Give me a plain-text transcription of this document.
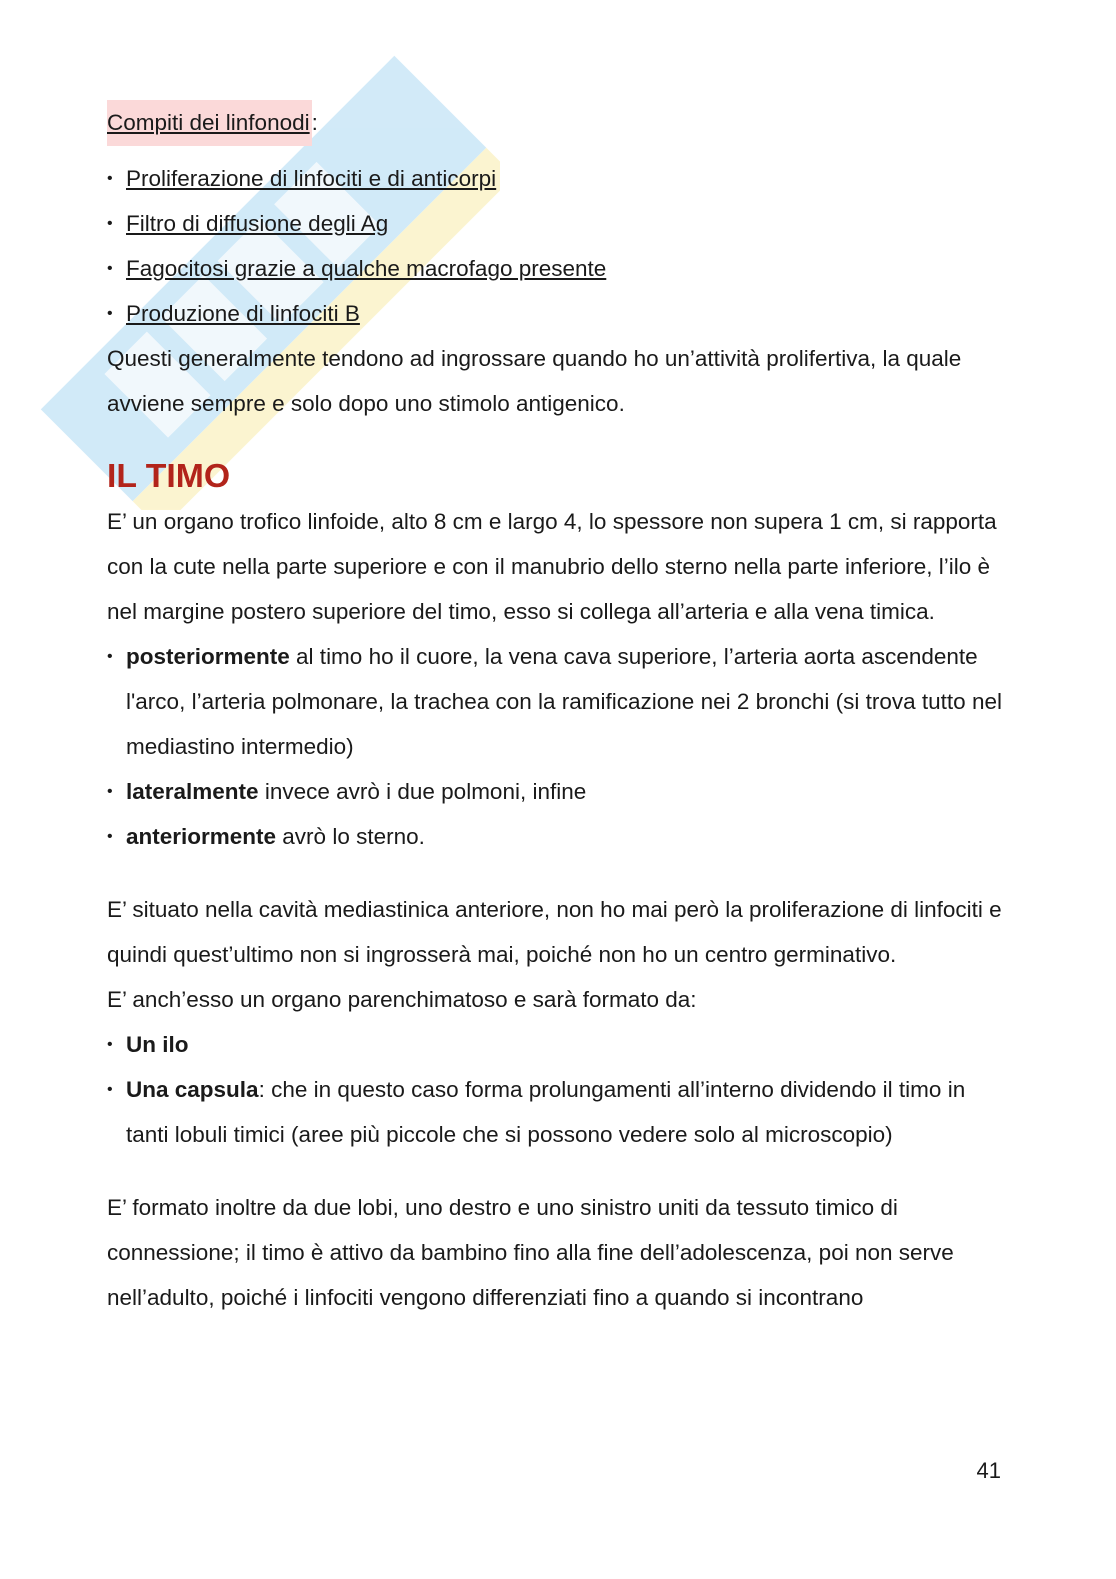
Compiti dei linfonodi:
• Proliferazione di linfociti e di anticorpi
• Filtro di diffusione degli Ag
• Fagocitosi grazie a qualche macrofago presente
• Produzione di linfociti B

Questi generalmente tendono ad ingrossare quando ho un’attività prolifertiva, la quale avviene sempre e solo dopo uno stimolo antigenico.

IL TIMO

E’ un organo trofico linfoide, alto 8 cm e largo 4, lo spessore non supera 1 cm, si rapporta con la cute nella parte superiore e con il manubrio dello sterno nella parte inferiore, l’ilo è nel margine postero superiore del timo, esso si collega all’arteria e alla vena timica.

• posteriormente al timo ho il cuore, la vena cava superiore, l’arteria aorta ascendente l'arco, l’arteria polmonare, la trachea con la ramificazione nei 2 bronchi (si trova tutto nel mediastino intermedio)
• lateralmente invece avrò i due polmoni, infine
• anteriormente avrò lo sterno.

E’ situato nella cavità mediastinica anteriore, non ho mai però la proliferazione di linfociti e quindi quest’ultimo non si ingrosserà mai, poiché non ho un centro germinativo.

E’ anch’esso un organo parenchimatoso e sarà formato da:

• Un ilo
• Una capsula: che in questo caso forma prolungamenti all’interno dividendo il timo in tanti lobuli timici (aree più piccole che si possono vedere solo al microscopio)

E’ formato inoltre da due lobi, uno destro e uno sinistro uniti da tessuto timico di connessione; il timo è attivo da bambino fino alla fine dell’adolescenza, poi non serve nell’adulto, poiché i linfociti vengono differenziati fino a quando si incontrano

41
